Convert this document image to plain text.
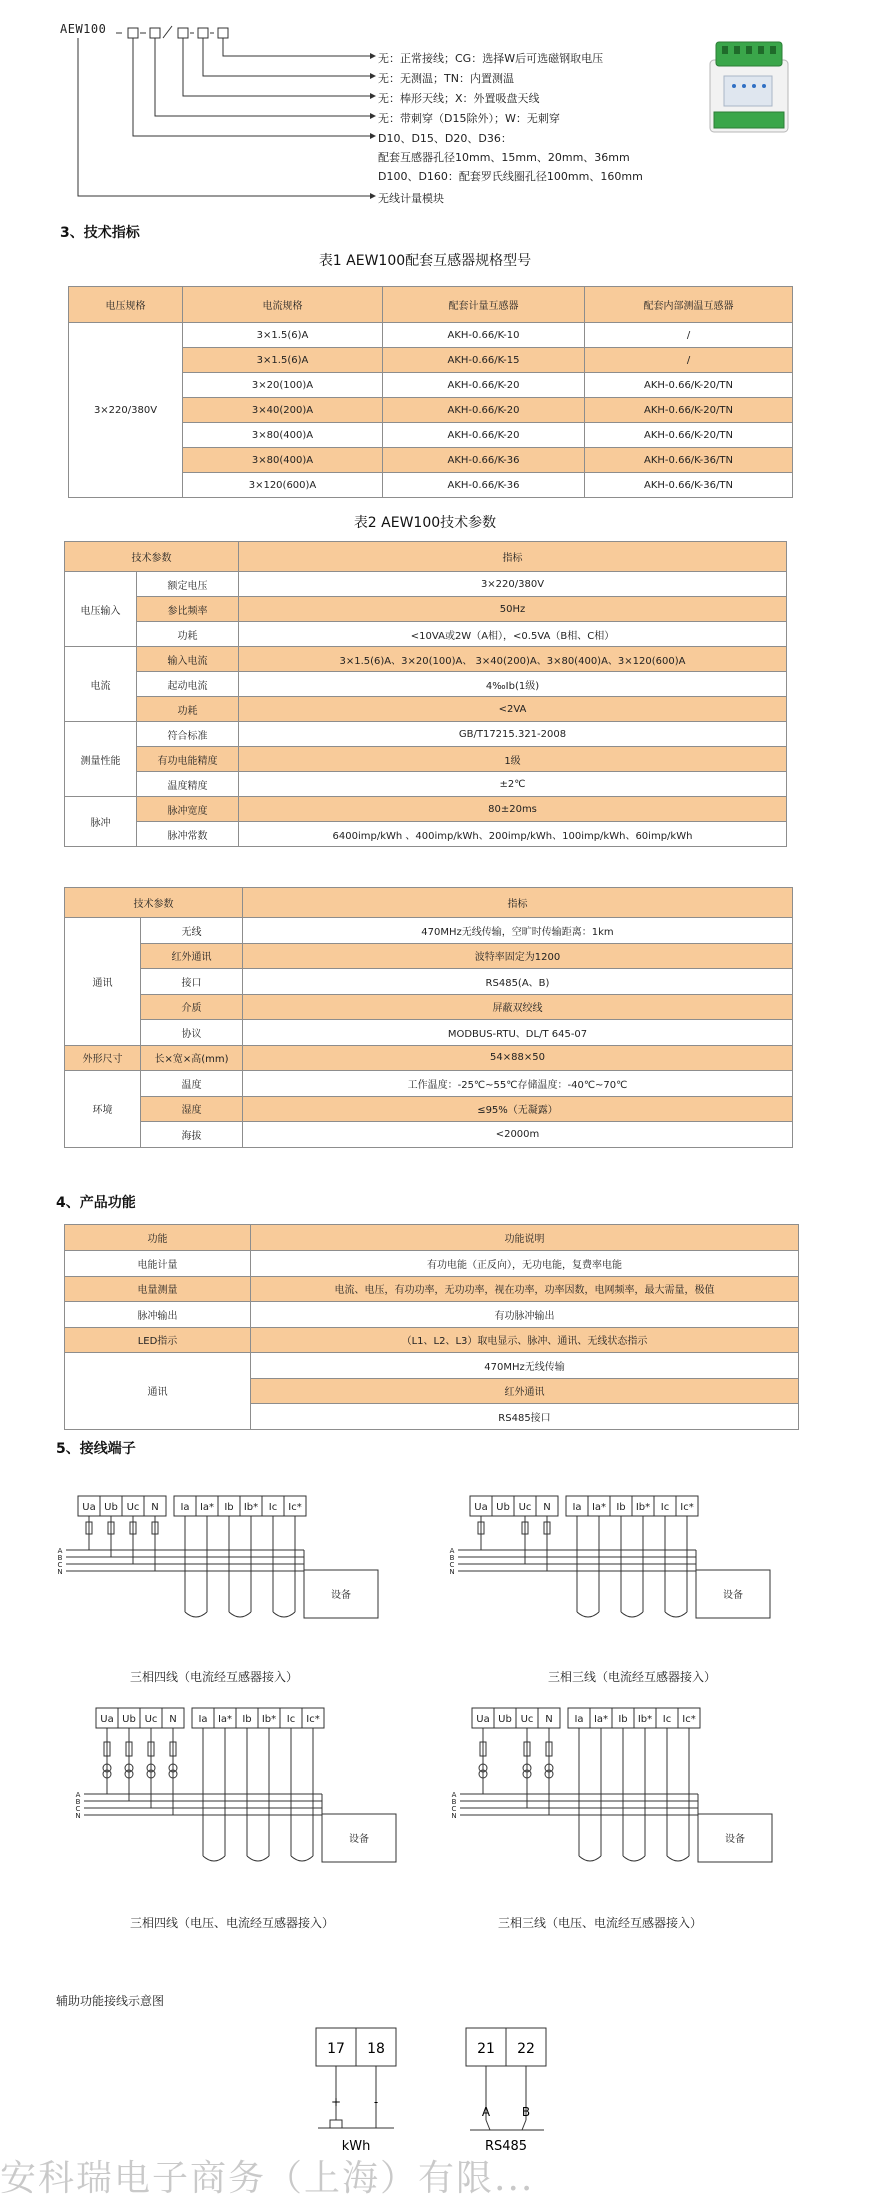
AEW100
无：正常接线；CG：选择W后可选磁钢取电压
无：无测温；TN：内置测温
无：棒形天线；X：外置吸盘天线
无：带刺穿（D15除外）；W：无刺穿
D10、D15、D20、D36：
配套互感器孔径10mm、15mm、20mm、36mm
D100、D160：配套罗氏线圈孔径100mm、160mm
无线计量模块
3、技术指标
表1 AEW100配套互感器规格型号
电压规格	电流规格	配套计量互感器	配套内部测温互感器
3×220/380V	3×1.5(6)A	AKH-0.66/K-10	/
	3×1.5(6)A	AKH-0.66/K-15	/
	3×20(100)A	AKH-0.66/K-20	AKH-0.66/K-20/TN
	3×40(200)A	AKH-0.66/K-20	AKH-0.66/K-20/TN
	3×80(400)A	AKH-0.66/K-20	AKH-0.66/K-20/TN
	3×80(400)A	AKH-0.66/K-36	AKH-0.66/K-36/TN
	3×120(600)A	AKH-0.66/K-36	AKH-0.66/K-36/TN
表2 AEW100技术参数
技术参数		指标
电压输入	额定电压	3×220/380V
	参比频率	50Hz
	功耗	<10VA或2W（A相），<0.5VA（B相、C相）
电流	输入电流	3×1.5(6)A、3×20(100)A、 3×40(200)A、3×80(400)A、3×120(600)A
	起动电流	4‰Ib(1级)
	功耗	<2VA
测量性能	符合标准	GB/T17215.321-2008
	有功电能精度	1级
	温度精度	±2℃
脉冲	脉冲宽度	80±20ms
	脉冲常数	6400imp/kWh 、400imp/kWh、200imp/kWh、100imp/kWh、60imp/kWh
技术参数		指标
通讯	无线	470MHz无线传输，空旷时传输距离：1km
	红外通讯	波特率固定为1200
	接口	RS485(A、B)
	介质	屏蔽双绞线
	协议	MODBUS-RTU、DL/T 645-07
外形尺寸	长×宽×高(mm)	54×88×50
环境	温度	工作温度：-25℃~55℃存储温度：-40℃~70℃
	湿度	≤95%（无凝露）
	海拔	<2000m
4、产品功能
功能	功能说明
电能计量	有功电能（正反向），无功电能，复费率电能
电量测量	电流、电压，有功功率，无功功率，视在功率，功率因数，电网频率，最大需量，极值
脉冲输出	有功脉冲输出
LED指示	（L1、L2、L3）取电显示、脉冲、通讯、无线状态指示
通讯	470MHz无线传输
	红外通讯
	RS485接口
5、接线端子
Ua Ub Uc N Ia Ia* Ib Ib* Ic Ic*
A
B
C
N
设备
Ua Ub Uc N Ia Ia* Ib Ib* Ic Ic*
A
B
C
N
设备
Ua Ub Uc N Ia Ia* Ib Ib* Ic Ic*
A
B
C
N
设备
Ua Ub Uc N Ia Ia* Ib Ib* Ic Ic*
A
B
C
N
设备
三相四线（电流经互感器接入）	三相三线（电流经互感器接入）
三相四线（电压、电流经互感器接入）	三相三线（电压、电流经互感器接入）
辅助功能接线示意图
17 18
+	-
kWh
21 22
A	B
RS485
安科瑞电子商务（上海）有限...
